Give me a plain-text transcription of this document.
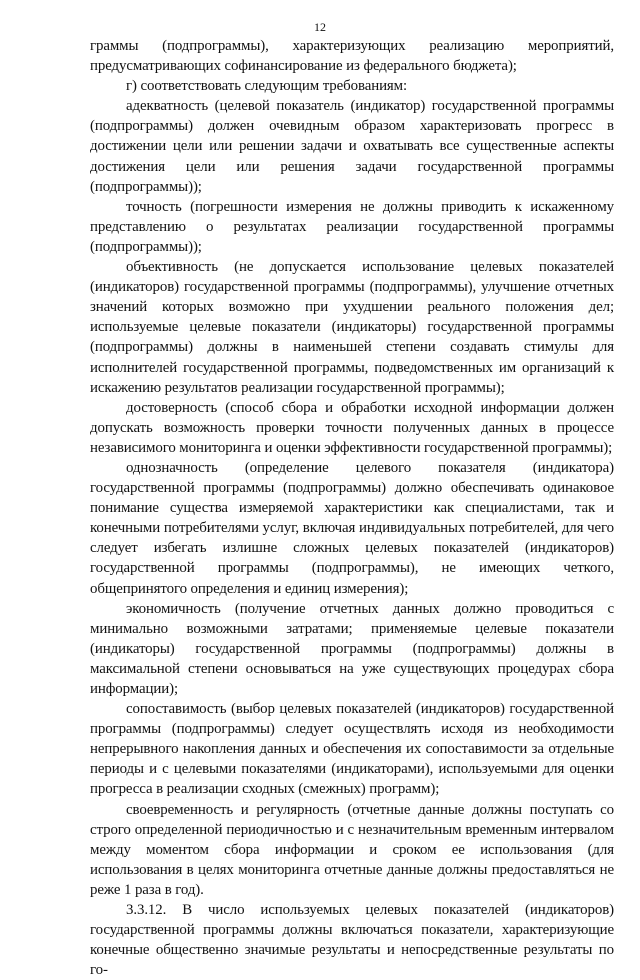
12

граммы (подпрограммы), характеризующих реализацию мероприятий, предусматривающих софинансирование из федерального бюджета);

г) соответствовать следующим требованиям:

адекватность (целевой показатель (индикатор) государственной программы (подпрограммы) должен очевидным образом характеризовать прогресс в достижении цели или решении задачи и охватывать все существенные аспекты достижения цели или решения задачи государственной программы (подпрограммы));

точность (погрешности измерения не должны приводить к искаженному представлению о результатах реализации государственной программы (подпрограммы));

объективность (не допускается использование целевых показателей (индикаторов) государственной программы (подпрограммы), улучшение отчетных значений которых возможно при ухудшении реального положения дел; используемые целевые показатели (индикаторы) государственной программы (подпрограммы) должны в наименьшей степени создавать стимулы для исполнителей государственной программы, подведомственных им организаций к искажению результатов реализации государственной программы);

достоверность (способ сбора и обработки исходной информации должен допускать возможность проверки точности полученных данных в процессе независимого мониторинга и оценки эффективности государственной программы);

однозначность (определение целевого показателя (индикатора) государственной программы (подпрограммы) должно обеспечивать одинаковое понимание существа измеряемой характеристики как специалистами, так и конечными потребителями услуг, включая индивидуальных потребителей, для чего следует избегать излишне сложных целевых показателей (индикаторов) государственной программы (подпрограммы), не имеющих четкого, общепринятого определения и единиц измерения);

экономичность (получение отчетных данных должно проводиться с минимально возможными затратами; применяемые целевые показатели (индикаторы) государственной программы (подпрограммы) должны в максимальной степени основываться на уже существующих процедурах сбора информации);

сопоставимость (выбор целевых показателей (индикаторов) государственной программы (подпрограммы) следует осуществлять исходя из необходимости непрерывного накопления данных и обеспечения их сопоставимости за отдельные периоды и с целевыми показателями (индикаторами), используемыми для оценки прогресса в реализации сходных (смежных) программ);

своевременность и регулярность (отчетные данные должны поступать со строго определенной периодичностью и с незначительным временным интервалом между моментом сбора информации и сроком ее использования (для использования в целях мониторинга отчетные данные должны предоставляться не реже 1 раза в год).

3.3.12. В число используемых целевых показателей (индикаторов) государственной программы должны включаться показатели, характеризующие конечные общественно значимые результаты и непосредственные результаты по го-
